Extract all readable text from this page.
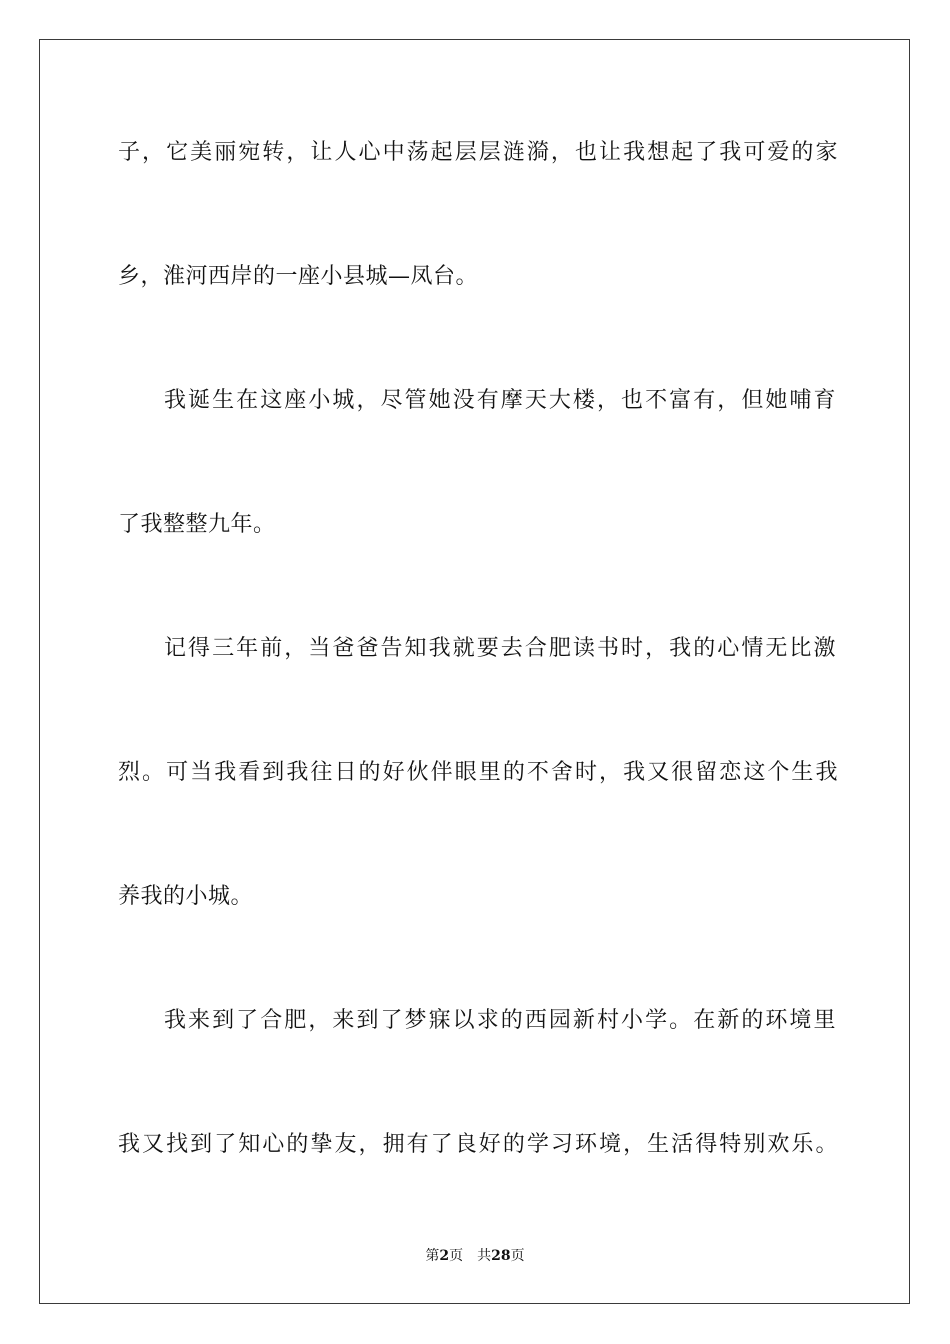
子，它美丽宛转，让人心中荡起层层涟漪，也让我想起了我可爱的家
乡，淮河西岸的一座小县城—凤台。
我诞生在这座小城，尽管她没有摩天大楼，也不富有，但她哺育
了我整整九年。
记得三年前，当爸爸告知我就要去合肥读书时，我的心情无比激
烈。可当我看到我往日的好伙伴眼里的不舍时，我又很留恋这个生我
养我的小城。
我来到了合肥，来到了梦寐以求的西园新村小学。在新的环境里
我又找到了知心的挚友，拥有了良好的学习环境，生活得特别欢乐。
第2页 共28页
